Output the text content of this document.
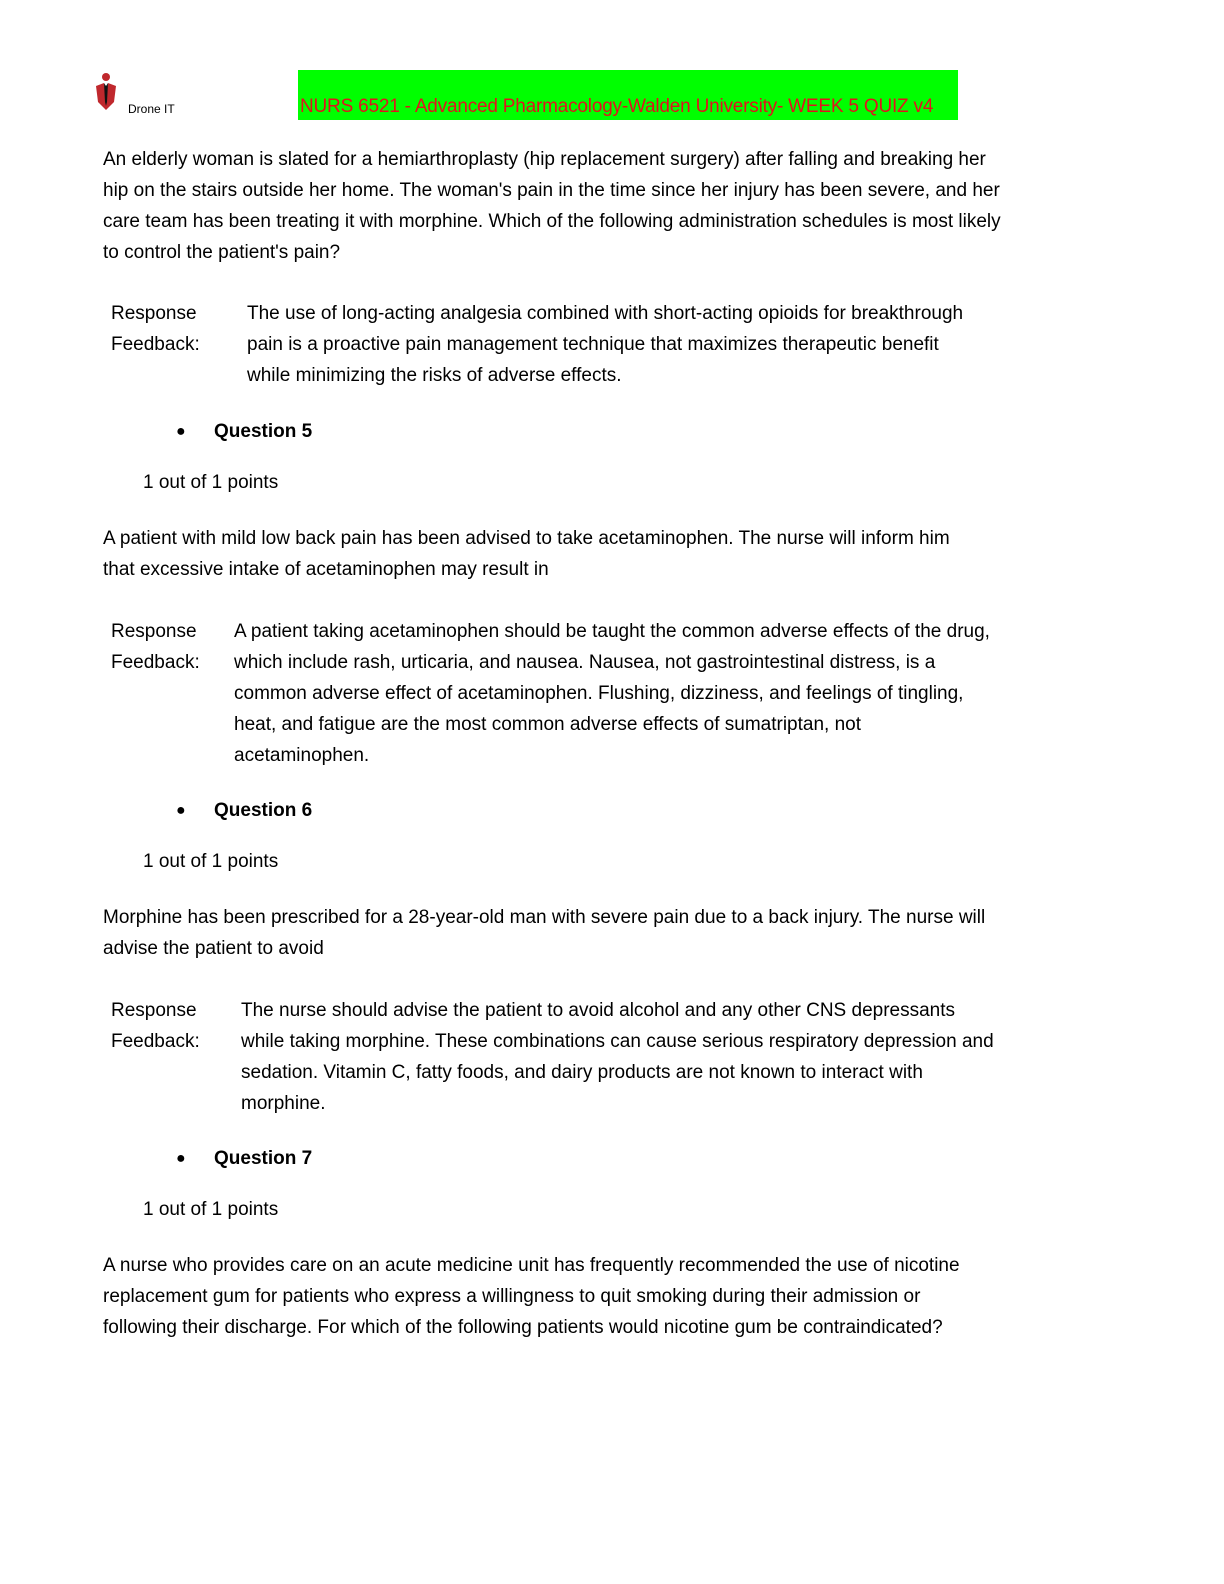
Drone IT	NURS 6521 - Advanced Pharmacology-Walden University- WEEK 5 QUIZ v4
An elderly woman is slated for a hemiarthroplasty (hip replacement surgery) after falling and breaking her hip on the stairs outside her home. The woman's pain in the time since her injury has been severe, and her care team has been treating it with morphine. Which of the following administration schedules is most likely to control the patient's pain?
Response
Feedback:
The use of long-acting analgesia combined with short-acting opioids for breakthrough pain is a proactive pain management technique that maximizes therapeutic benefit while minimizing the risks of adverse effects.
● Question 5
1 out of 1 points
A patient with mild low back pain has been advised to take acetaminophen. The nurse will inform him that excessive intake of acetaminophen may result in
Response
Feedback:
A patient taking acetaminophen should be taught the common adverse effects of the drug, which include rash, urticaria, and nausea. Nausea, not gastrointestinal distress, is a common adverse effect of acetaminophen. Flushing, dizziness, and feelings of tingling, heat, and fatigue are the most common adverse effects of sumatriptan, not acetaminophen.
● Question 6
1 out of 1 points
Morphine has been prescribed for a 28-year-old man with severe pain due to a back injury. The nurse will advise the patient to avoid
Response
Feedback:
The nurse should advise the patient to avoid alcohol and any other CNS depressants while taking morphine. These combinations can cause serious respiratory depression and sedation. Vitamin C, fatty foods, and dairy products are not known to interact with morphine.
● Question 7
1 out of 1 points
A nurse who provides care on an acute medicine unit has frequently recommended the use of nicotine replacement gum for patients who express a willingness to quit smoking during their admission or following their discharge. For which of the following patients would nicotine gum be contraindicated?
